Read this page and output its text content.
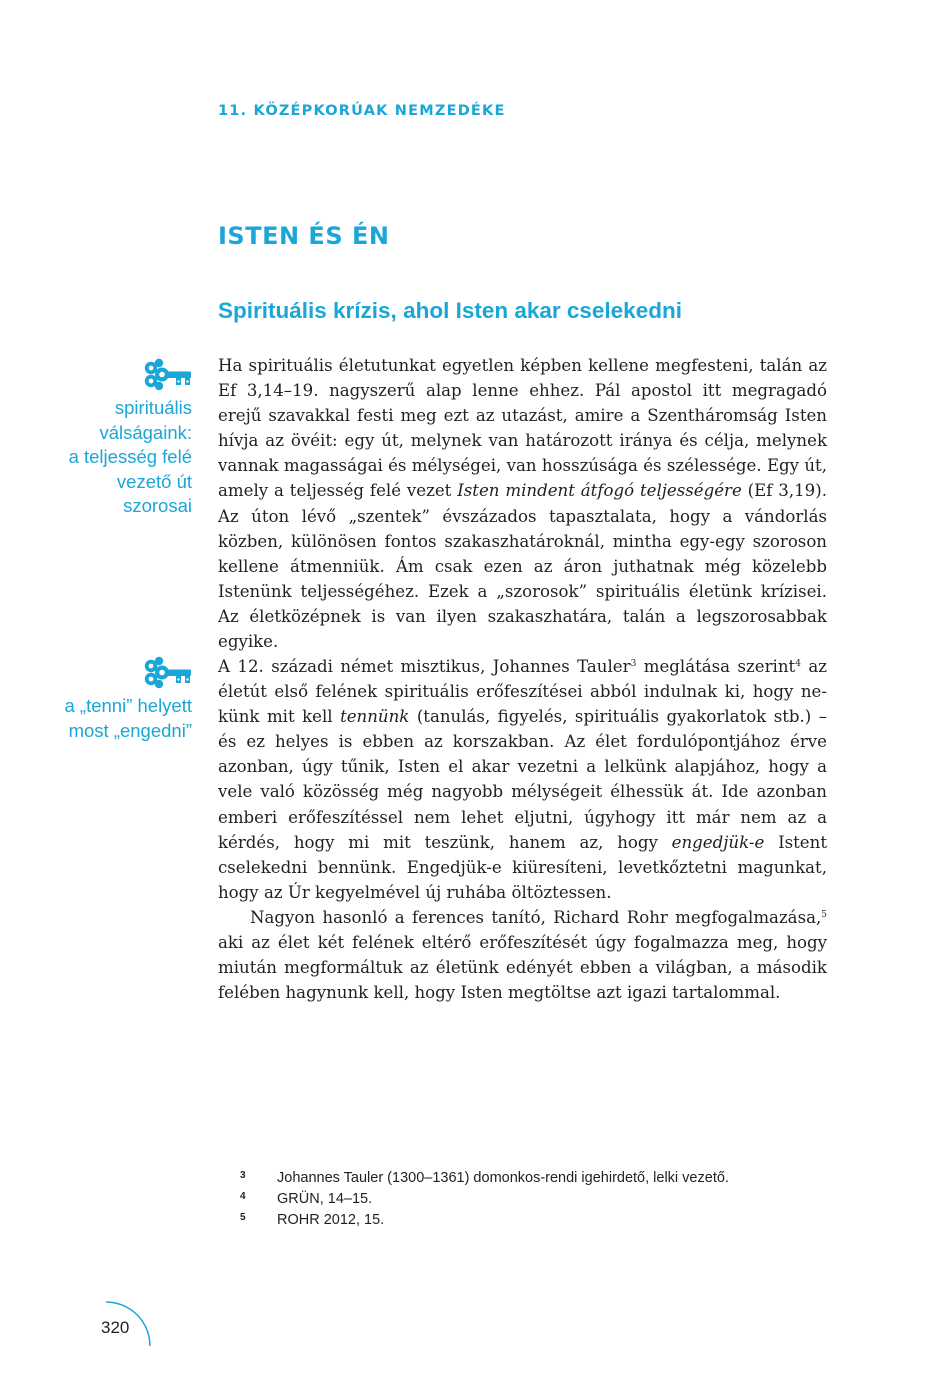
11. KÖZÉPKORÚAK NEMZEDÉKE
ISTEN ÉS ÉN
Spirituális krízis, ahol Isten akar cselekedni
spirituális
válságaink:
a teljesség felé
vezető út
szorosai
a „tenni” helyett
most „engedni”

Ha spirituális életutunkat egyetlen képben kellene megfesteni, talán az Ef 3,14–19. nagyszerű alap lenne ehhez. Pál apostol itt megragadó erejű szavakkal festi meg ezt az utazást, amire a Szentháromság Isten hívja az övéit: egy út, melynek van határozott iránya és célja, melynek vannak magasságai és mélységei, van hosszúsága és szélessége. Egy út, amely a teljesség felé vezet Isten mindent átfogó teljességére (Ef 3,19). Az úton lévő „szentek” évszázados tapasztalata, hogy a vándorlás közben, különösen fontos szakaszhatároknál, mintha egy-egy szoroson kellene átmenniük. Ám csak ezen az áron juthatnak még közelebb Istenünk teljességéhez. Ezek a „szorosok” spirituális életünk krízisei. Az életközépnek is van ilyen szakaszhatára, talán a legszorosabbak egyike.

A 12. századi német misztikus, Johannes Tauler$^3$ meglátása szerint$^4$ az életút első felének spirituális erőfeszítései abból indulnak ki, hogy nekünk mit kell tennünk (tanulás, figyelés, spirituális gyakorlatok stb.) – és ez helyes is ebben az korszakban. Az élet fordulópontjához érve azonban, úgy tűnik, Isten el akar vezetni a lelkünk alapjához, hogy a vele való közösség még nagyobb mélységeit élhessük át. Ide azonban emberi erőfeszítéssel nem lehet eljutni, úgyhogy itt már nem az a kérdés, hogy mi mit teszünk, hanem az, hogy engedjük-e Istent cselekedni bennünk. Engedjük-e kiüresíteni, levetkőztetni magunkat, hogy az Úr kegyelmével új ruhába öltöztessen.

Nagyon hasonló a ferences tanító, Richard Rohr megfogalmazása,$^5$ aki az élet két felének eltérő erőfeszítését úgy fogalmazza meg, hogy miután megformáltuk az életünk edényét ebben a világban, a második felében hagynunk kell, hogy Isten megtöltse azt igazi tartalommal.

3	Johannes Tauler (1300–1361) domonkos-rendi igehirdető, lelki vezető.
4	GRÜN, 14–15.
5	ROHR 2012, 15.
320
